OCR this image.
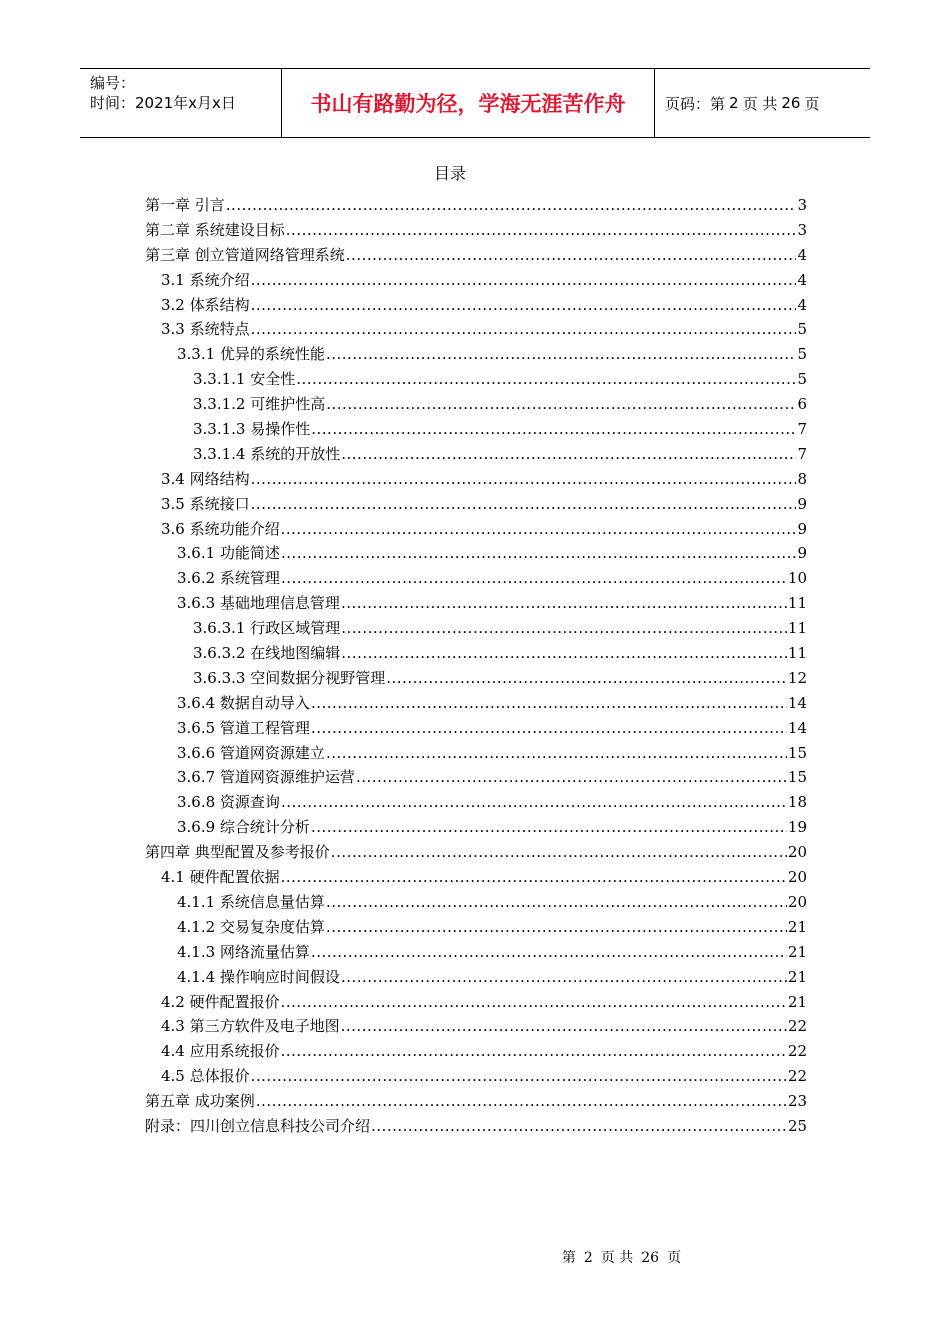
编号：
时间：2021年x月x日	书山有路勤为径，学海无涯苦作舟	页码：第 2 页 共 26 页
目录
第一章 引言 .....	3
第二章 系统建设目标 .....	3
第三章 创立管道网络管理系统 .....	4
3.1 系统介绍 .....	4
3.2 体系结构 .....	4
3.3 系统特点 .....	5
3.3.1 优异的系统性能 .....	5
3.3.1.1 安全性 .....	5
3.3.1.2 可维护性高 .....	6
3.3.1.3 易操作性 .....	7
3.3.1.4 系统的开放性 .....	7
3.4 网络结构 .....	8
3.5 系统接口 .....	9
3.6 系统功能介绍 .....	9
3.6.1 功能简述 .....	9
3.6.2 系统管理 .....	10
3.6.3 基础地理信息管理 .....	11
3.6.3.1 行政区域管理 .....	11
3.6.3.2 在线地图编辑 .....	11
3.6.3.3 空间数据分视野管理 .....	12
3.6.4 数据自动导入 .....	14
3.6.5 管道工程管理 .....	14
3.6.6 管道网资源建立 .....	15
3.6.7 管道网资源维护运营 .....	15
3.6.8 资源查询 .....	18
3.6.9 综合统计分析 .....	19
第四章 典型配置及参考报价 .....	20
4.1 硬件配置依据 .....	20
4.1.1 系统信息量估算 .....	20
4.1.2 交易复杂度估算 .....	21
4.1.3 网络流量估算 .....	21
4.1.4 操作响应时间假设 .....	21
4.2 硬件配置报价 .....	21
4.3 第三方软件及电子地图 .....	22
4.4 应用系统报价 .....	22
4.5 总体报价 .....	22
第五章 成功案例 .....	23
附录：四川创立信息科技公司介绍 .....	25
第 2 页 共 26 页
